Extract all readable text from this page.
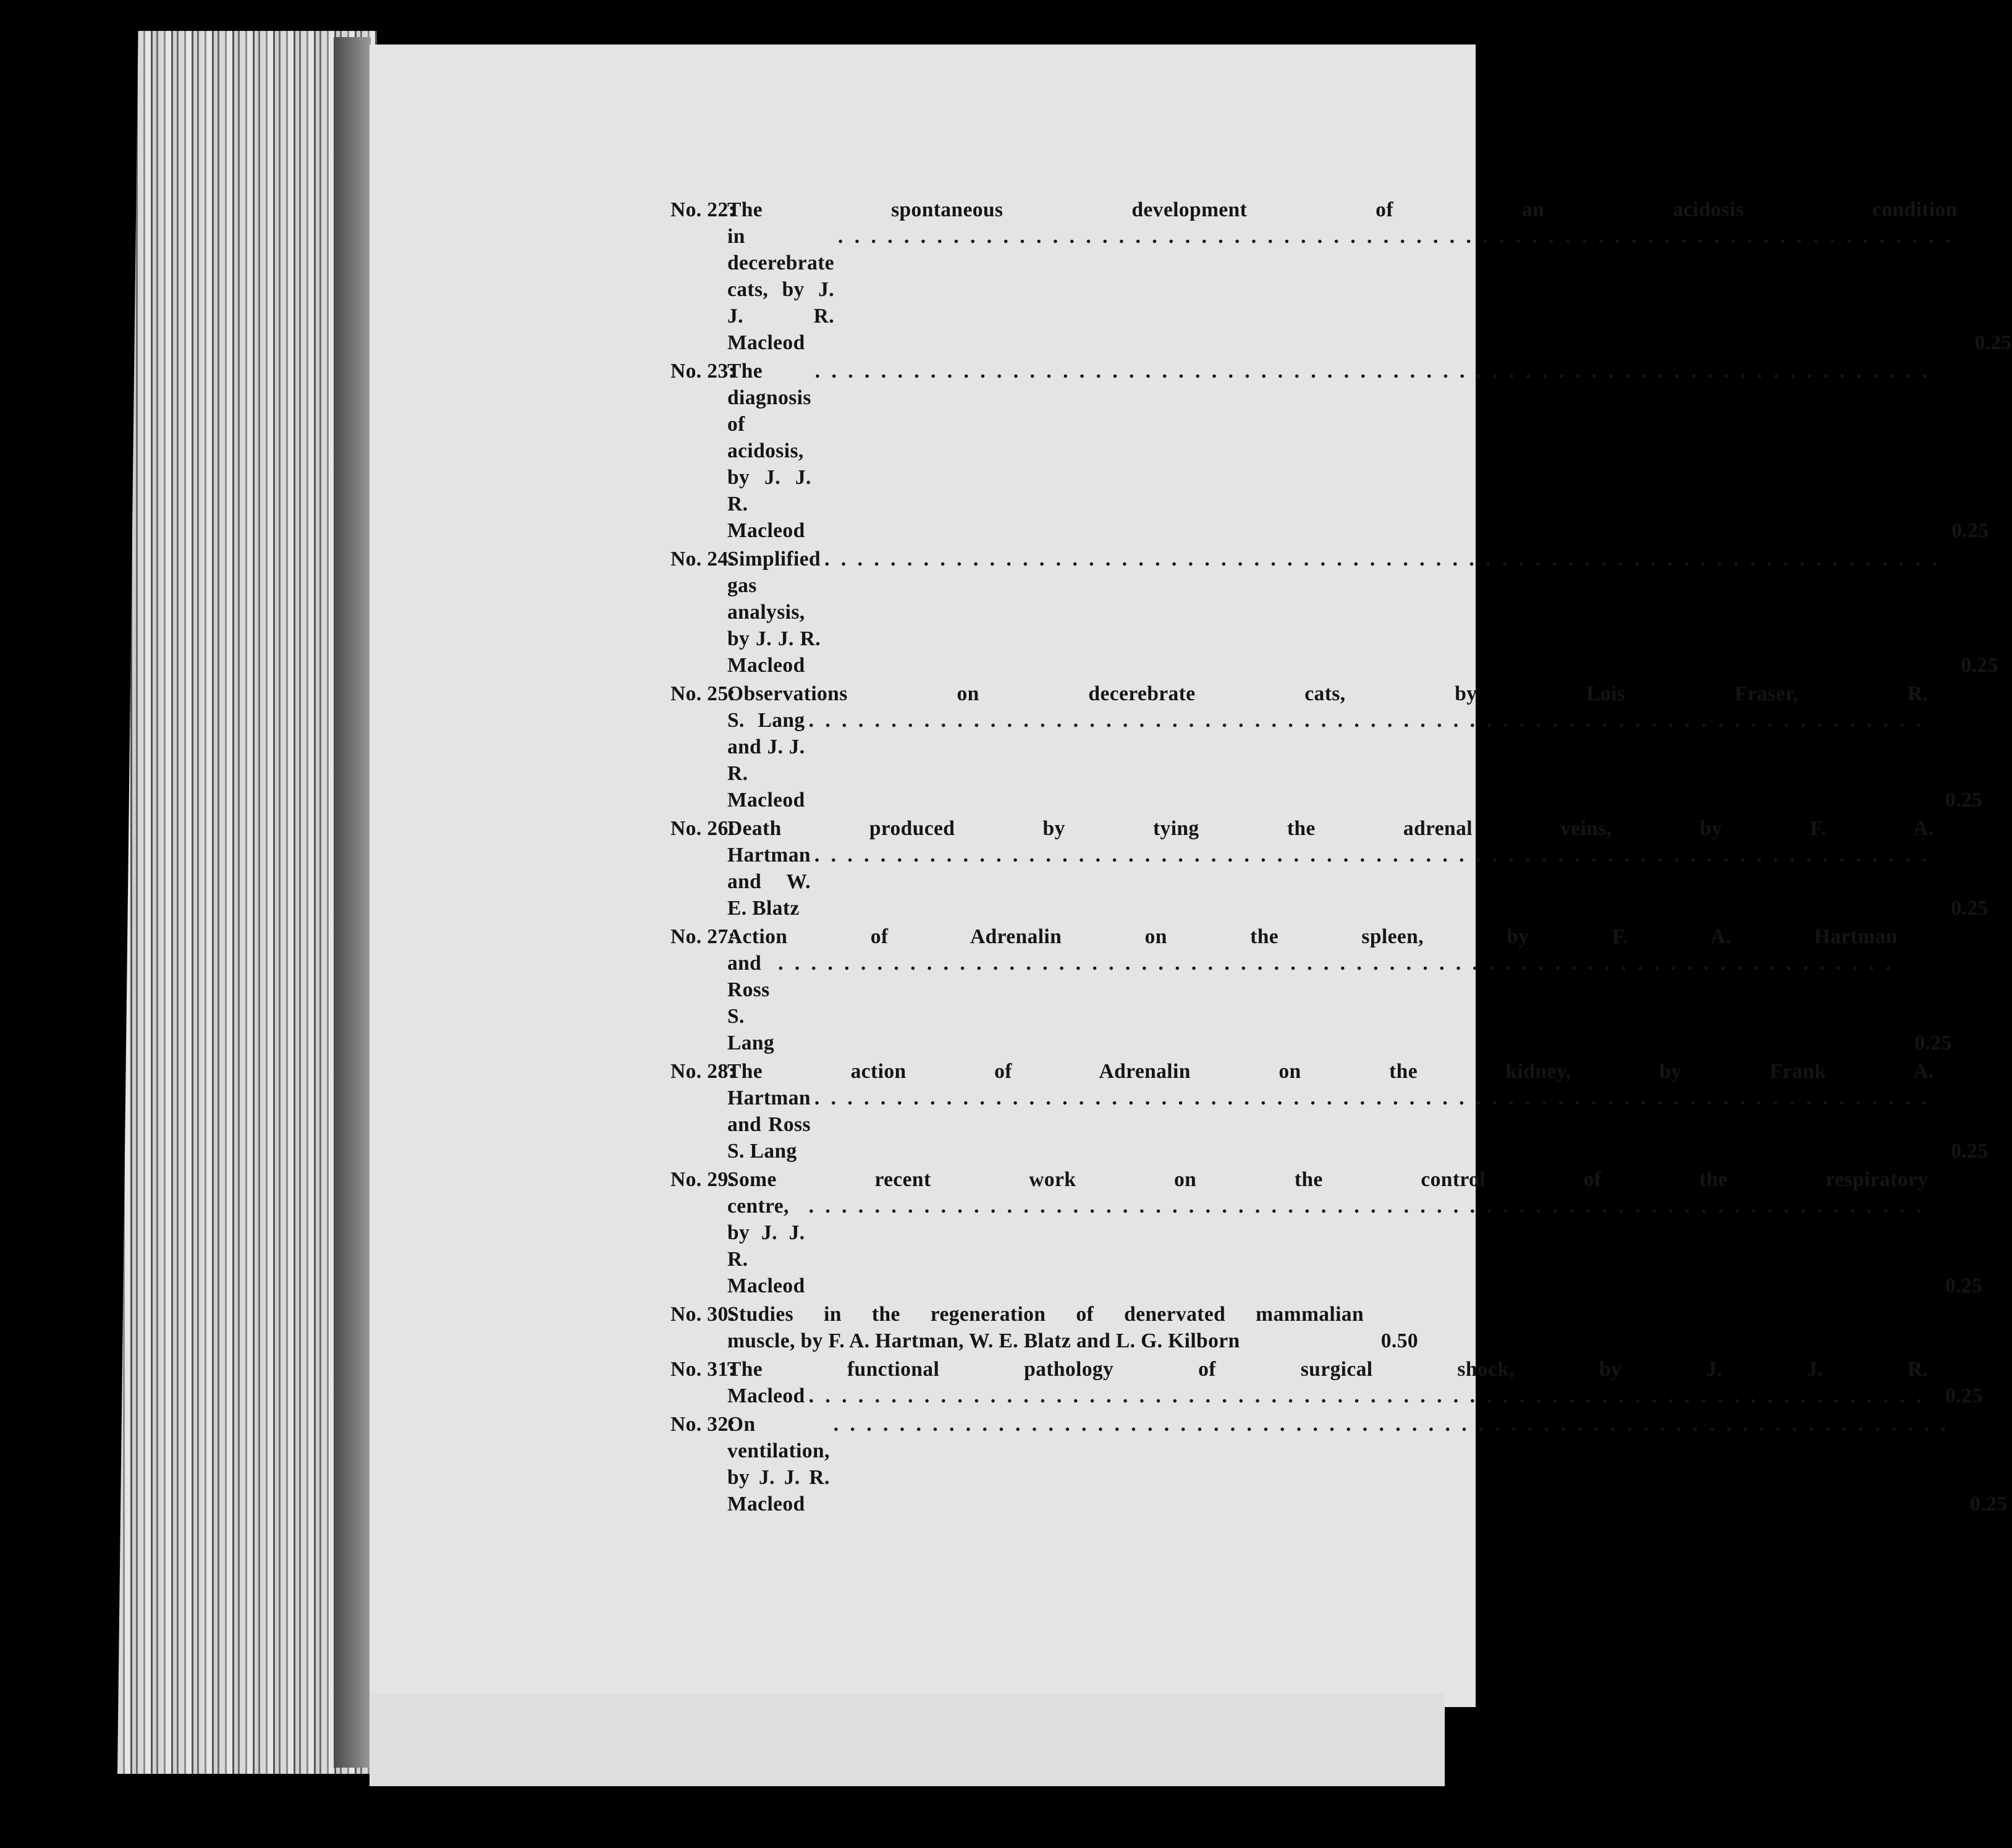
No. 22:
The spontaneous development of an acidosis condition
in decerebrate cats, by J. J. R. Macleod
. . .	0.25
No. 23:
The diagnosis of acidosis, by J. J. R. Macleod
. . .	0.25
No. 24:
Simplified gas analysis, by J. J. R. Macleod
. . .	0.25
No. 25:
Observations on decerebrate cats, by Lois Fraser, R.
S. Lang and J. J. R. Macleod
. . .	0.25
No. 26:
Death produced by tying the adrenal veins, by F. A.
Hartman and W. E. Blatz
. . .	0.25
No. 27:
Action of Adrenalin on the spleen, by F. A. Hartman
and Ross S. Lang
. . .	0.25
No. 28:
The action of Adrenalin on the kidney, by Frank A.
Hartman and Ross S. Lang
. . .	0.25
No. 29:
Some recent work on the control of the respiratory
centre, by J. J. R. Macleod
. . .	0.25
No. 30:
Studies in the regeneration of denervated mammalian
muscle, by F. A. Hartman, W. E. Blatz and L. G. Kilborn	0.50
No. 31:
The functional pathology of surgical shock, by J. J. R.
Macleod
. . .	0.25
No. 32:
On ventilation, by J. J. R. Macleod
. . .	0.25
